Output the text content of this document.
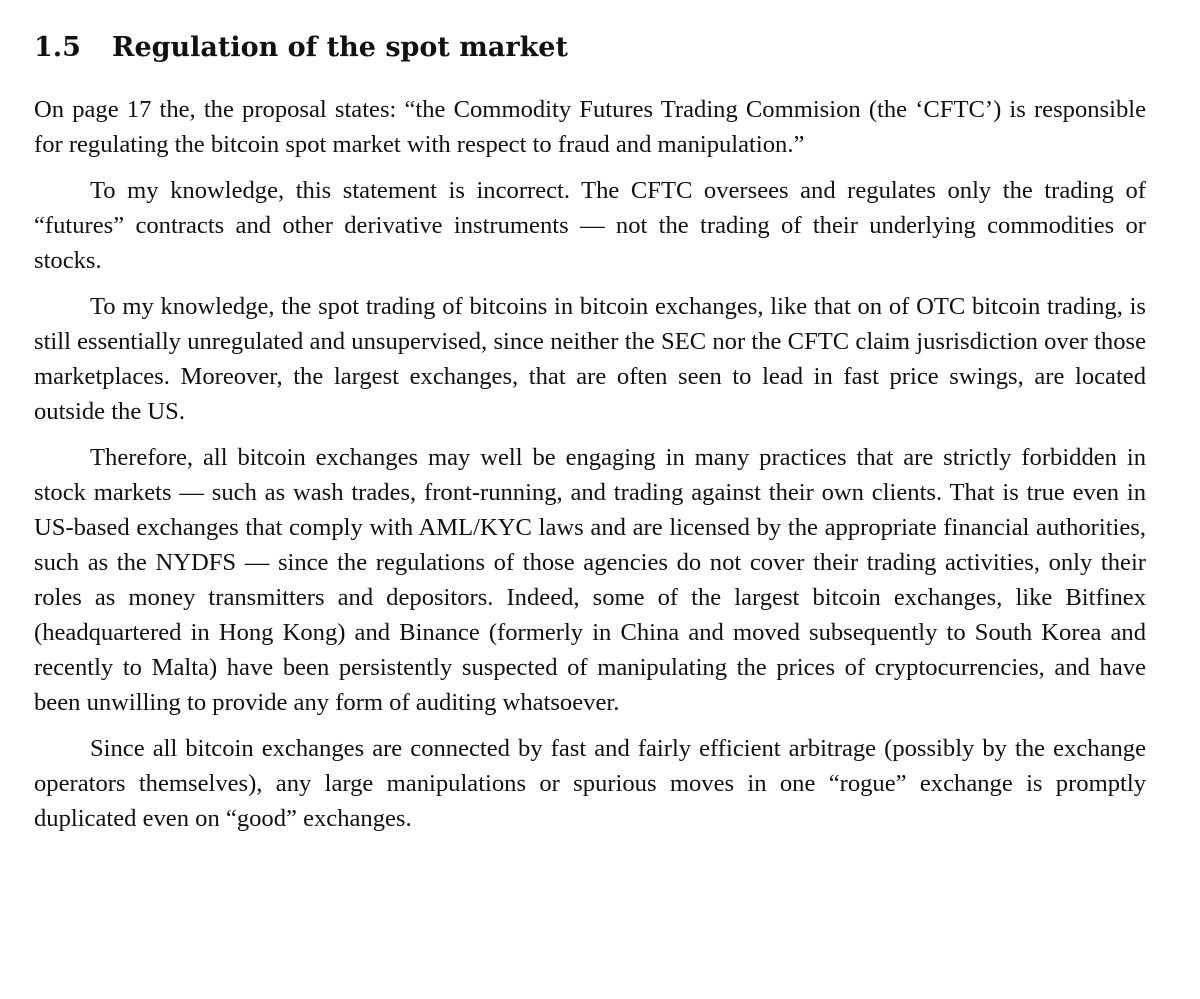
1.5	Regulation of the spot market

On page 17 the, the proposal states: “the Commodity Futures Trading Commision (the ‘CFTC’) is responsible for regulating the bitcoin spot market with respect to fraud and manipulation.”

To my knowledge, this statement is incorrect. The CFTC oversees and regulates only the trading of “futures” contracts and other derivative instruments — not the trading of their underlying commodities or stocks.

To my knowledge, the spot trading of bitcoins in bitcoin exchanges, like that on of OTC bitcoin trading, is still essentially unregulated and unsupervised, since neither the SEC nor the CFTC claim jusrisdiction over those marketplaces. Moreover, the largest exchanges, that are often seen to lead in fast price swings, are located outside the US.

Therefore, all bitcoin exchanges may well be engaging in many practices that are strictly forbidden in stock markets — such as wash trades, front-running, and trading against their own clients. That is true even in US-based exchanges that comply with AML/KYC laws and are licensed by the appropriate financial authorities, such as the NYDFS — since the regulations of those agencies do not cover their trading activities, only their roles as money transmitters and depositors. Indeed, some of the largest bitcoin exchanges, like Bitfinex (headquartered in Hong Kong) and Binance (formerly in China and moved subsequently to South Korea and recently to Malta) have been persistently suspected of manipulating the prices of cryptocurrencies, and have been unwilling to provide any form of auditing whatsoever.

Since all bitcoin exchanges are connected by fast and fairly efficient arbitrage (possibly by the exchange operators themselves), any large manipulations or spurious moves in one “rogue” exchange is promptly duplicated even on “good” exchanges.
